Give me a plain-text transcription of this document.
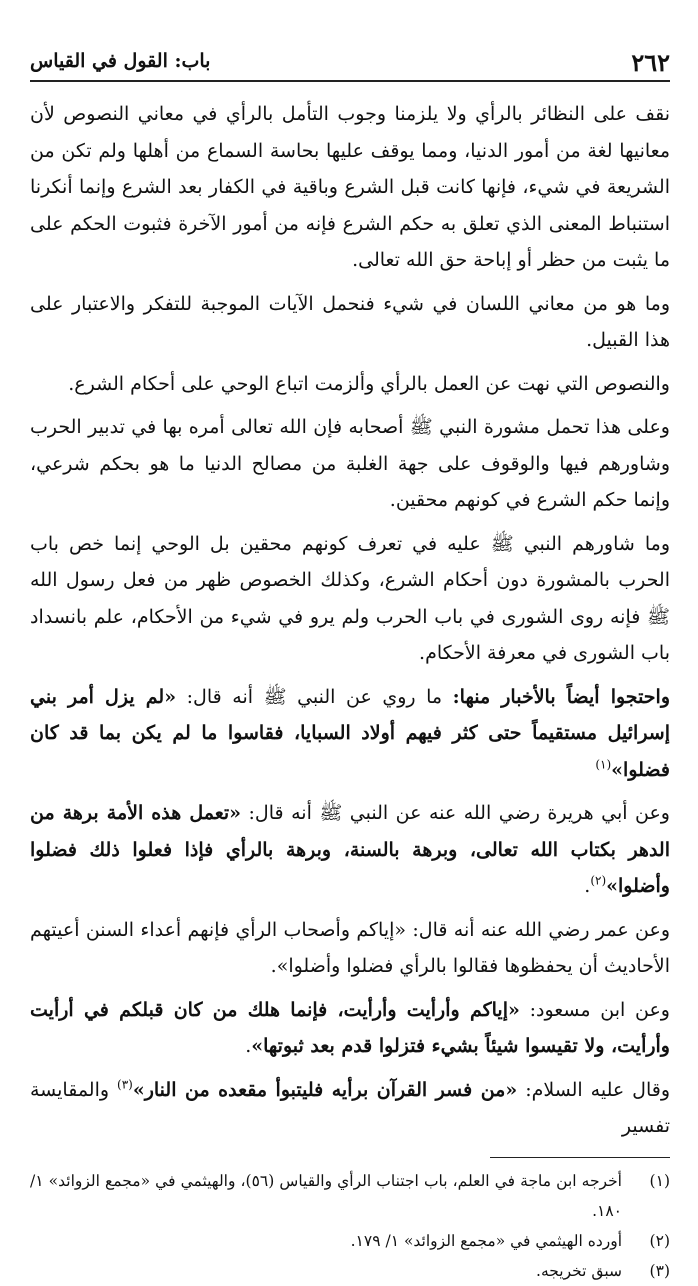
٢٦٢
باب: القول في القياس

نقف على النظائر بالرأي ولا يلزمنا وجوب التأمل بالرأي في معاني النصوص لأن معانيها لغة من أمور الدنيا، ومما يوقف عليها بحاسة السماع من أهلها ولم تكن من الشريعة في شيء، فإنها كانت قبل الشرع وباقية في الكفار بعد الشرع وإنما أنكرنا استنباط المعنى الذي تعلق به حكم الشرع فإنه من أمور الآخرة فثبوت الحكم على ما يثبت من حظر أو إباحة حق الله تعالى.

وما هو من معاني اللسان في شيء فنحمل الآيات الموجبة للتفكر والاعتبار على هذا القبيل.

والنصوص التي نهت عن العمل بالرأي وألزمت اتباع الوحي على أحكام الشرع.

وعلى هذا تحمل مشورة النبي ﷺ أصحابه فإن الله تعالى أمره بها في تدبير الحرب وشاورهم فيها والوقوف على جهة الغلبة من مصالح الدنيا ما هو بحكم شرعي، وإنما حكم الشرع في كونهم محقين.

وما شاورهم النبي ﷺ عليه في تعرف كونهم محقين بل الوحي إنما خص باب الحرب بالمشورة دون أحكام الشرع، وكذلك الخصوص ظهر من فعل رسول الله ﷺ فإنه روى الشورى في باب الحرب ولم يرو في شيء من الأحكام، علم بانسداد باب الشورى في معرفة الأحكام.

واحتجوا أيضاً بالأخبار منها: ما روي عن النبي ﷺ أنه قال: «لم يزل أمر بني إسرائيل مستقيماً حتى كثر فيهم أولاد السبايا، فقاسوا ما لم يكن بما قد كان فضلوا»$^{(١)}$

وعن أبي هريرة رضي الله عنه عن النبي ﷺ أنه قال: «تعمل هذه الأمة برهة من الدهر بكتاب الله تعالى، وبرهة بالسنة، وبرهة بالرأي فإذا فعلوا ذلك فضلوا وأضلوا»$^{(٢)}$.

وعن عمر رضي الله عنه أنه قال: «إياكم وأصحاب الرأي فإنهم أعداء السنن أعيتهم الأحاديث أن يحفظوها فقالوا بالرأي فضلوا وأضلوا».

وعن ابن مسعود: «إياكم وأرأيت وأرأيت، فإنما هلك من كان قبلكم في أرأيت وأرأيت، ولا تقيسوا شيئاً بشيء فتزلوا قدم بعد ثبوتها».

وقال عليه السلام: «من فسر القرآن برأيه فليتبوأ مقعده من النار»$^{(٣)}$ والمقايسة تفسير

(١)
أخرجه ابن ماجة في العلم، باب اجتناب الرأي والقياس (٥٦)، والهيثمي في «مجمع الزوائد» ١/ ١٨٠.
(٢)
أورده الهيثمي في «مجمع الزوائد» ١/ ١٧٩.
(٣)
سبق تخريجه.
